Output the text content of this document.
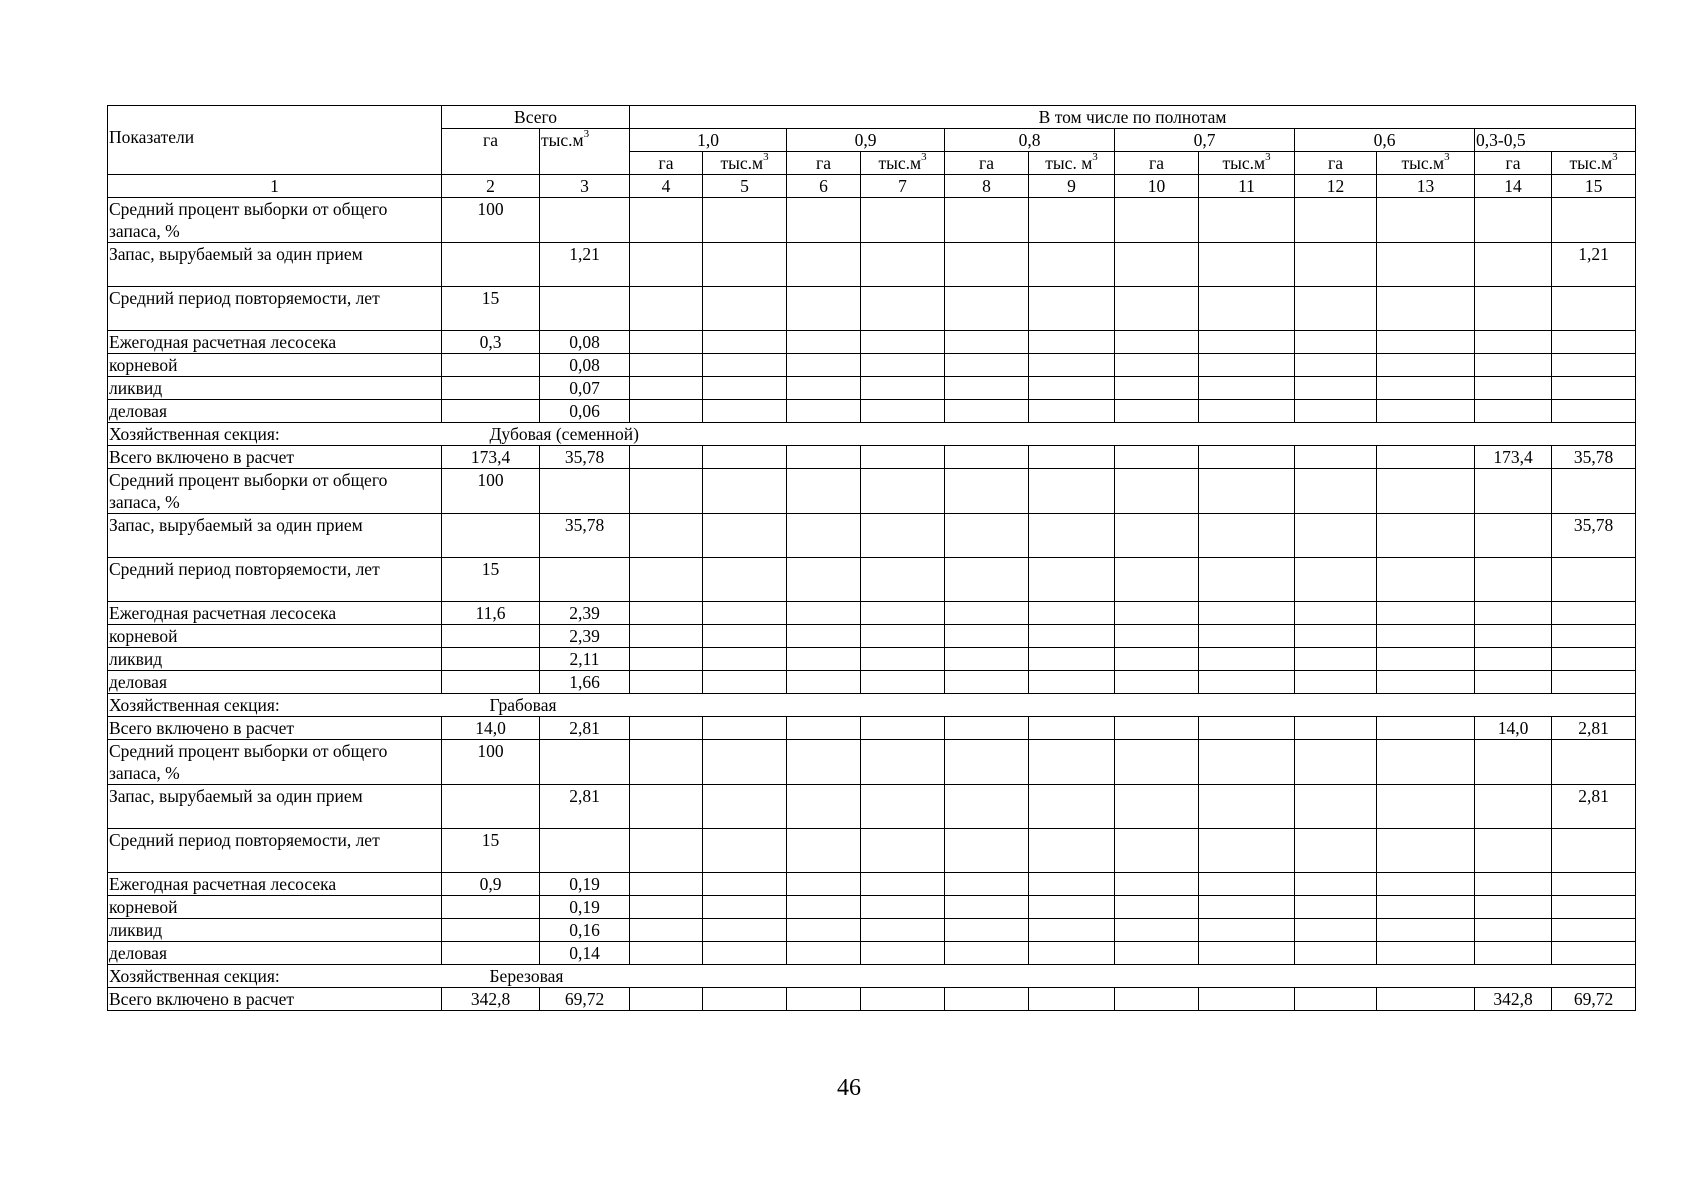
Показатели	Всего		В том числе по полнотам											
	га	$тыс.м^3$	1,0		0,9		0,8		0,7		0,6		0,3-0,5	
			га	$тыс.м^3$	га	$тыс.м^3$	га	тыс. $м^3$	га	$тыс.м^3$	га	$тыс.м^3$	га	$тыс.м^3$
1	2	3	4	5	6	7	8	9	10	11	12	13	14	15
Средний процент выборки от общего запаса, %	100													
Запас, вырубаемый за один прием		1,21												1,21
Средний период повторяемости, лет	15													
Ежегодная расчетная лесосека	0,3	0,08												
корневой		0,08												
ликвид		0,07												
деловая		0,06												
Хозяйственная секция:	Дубовая (семенной)													
Всего включено в расчет	173,4	35,78											173,4	35,78
Средний процент выборки от общего запаса, %	100													
Запас, вырубаемый за один прием		35,78												35,78
Средний период повторяемости, лет	15													
Ежегодная расчетная лесосека	11,6	2,39												
корневой		2,39												
ликвид		2,11												
деловая		1,66												
Хозяйственная секция:	Грабовая													
Всего включено в расчет	14,0	2,81											14,0	2,81
Средний процент выборки от общего запаса, %	100													
Запас, вырубаемый за один прием		2,81												2,81
Средний период повторяемости, лет	15													
Ежегодная расчетная лесосека	0,9	0,19												
корневой		0,19												
ликвид		0,16												
деловая		0,14												
Хозяйственная секция:	Березовая													
Всего включено в расчет	342,8	69,72											342,8	69,72
46
